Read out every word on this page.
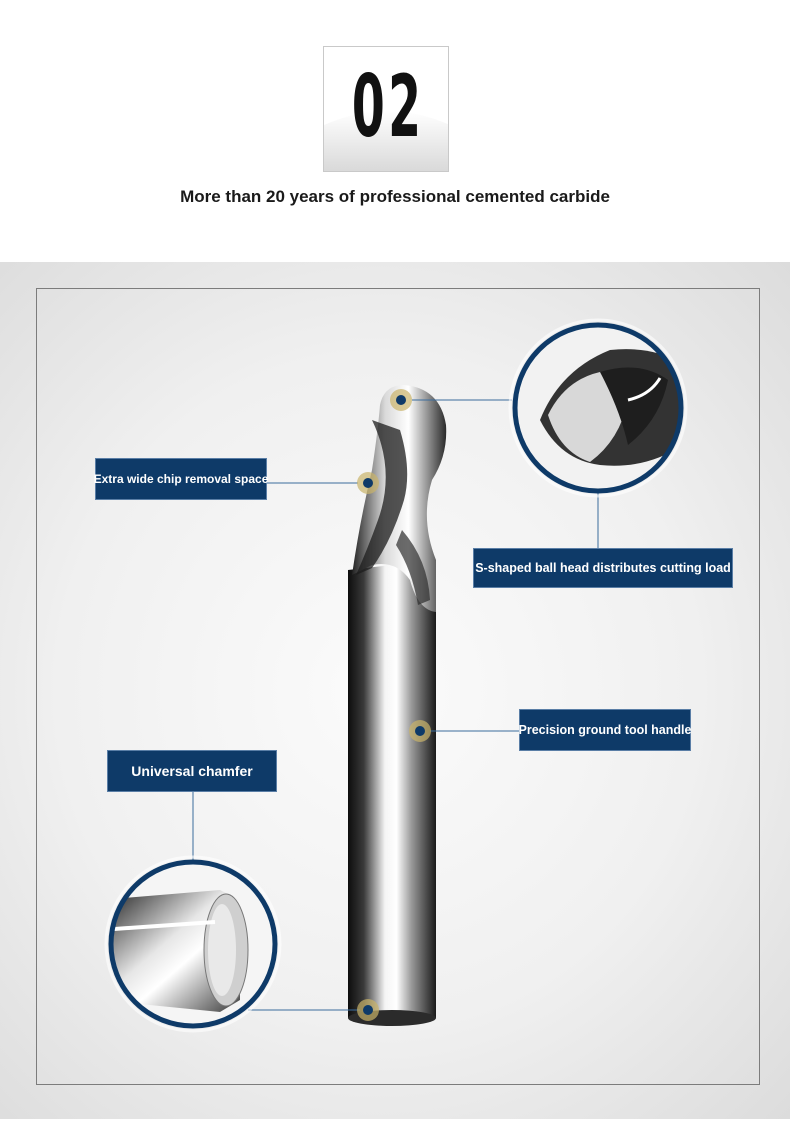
02
More than 20 years of professional cemented carbide
Extra wide chip removal space
S-shaped ball head distributes cutting load
Precision ground tool handle
Universal chamfer
